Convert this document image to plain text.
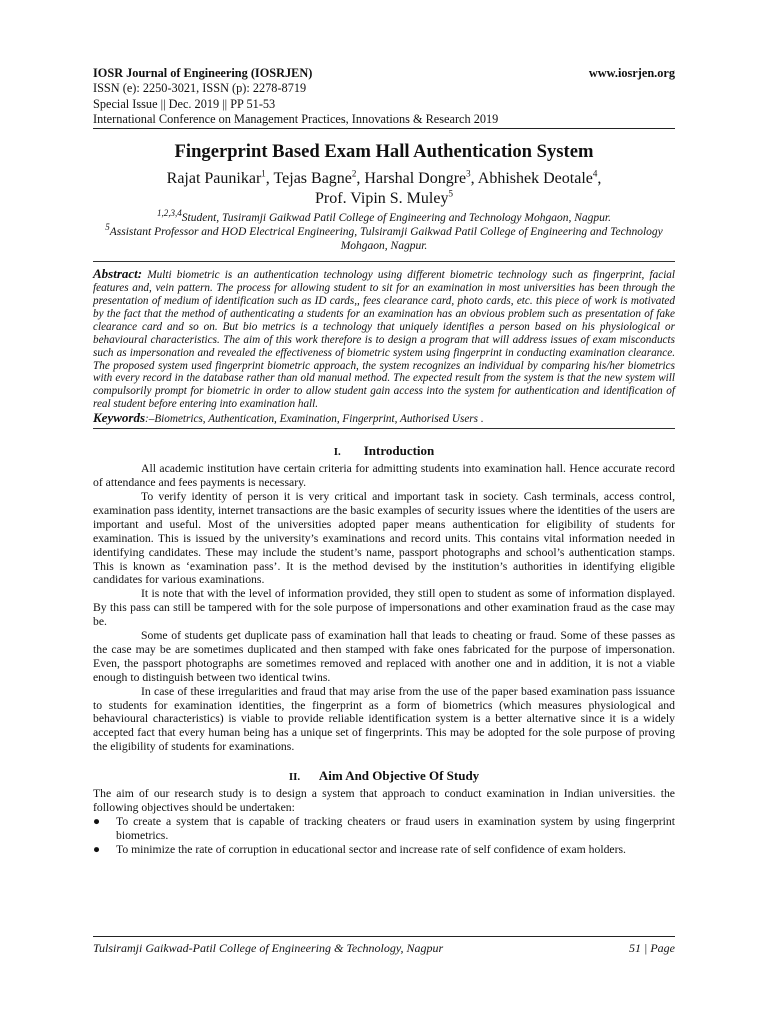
IOSR Journal of Engineering (IOSRJEN)	www.iosrjen.org
ISSN (e): 2250-3021, ISSN (p): 2278-8719
Special Issue || Dec. 2019 || PP 51-53
International Conference on Management Practices, Innovations & Research 2019
Fingerprint Based Exam Hall Authentication System
Rajat Paunikar$^1$, Tejas Bagne$^2$, Harshal Dongre$^3$, Abhishek Deotale$^4$,
Prof. Vipin S. Muley$^5$
$^{1,2,3,4}$Student, Tusiramji Gaikwad Patil College of Engineering and Technology Mohgaon, Nagpur.
$^5$Assistant Professor and HOD Electrical Engineering, Tulsiramji Gaikwad Patil College of Engineering and Technology Mohgaon, Nagpur.

Abstract: Multi biometric is an authentication technology using different biometric technology such as fingerprint, facial features and, vein pattern. The process for allowing student to sit for an examination in most universities has been through the presentation of medium of identification such as ID cards,, fees clearance card, photo cards, etc. this piece of work is motivated by the fact that the method of authenticating a students for an examination has an obvious problem such as presentation of fake clearance card and so on. But bio metrics is a technology that uniquely identifies a person based on his physiological or behavioural characteristics. The aim of this work therefore is to design a program that will address issues of exam misconducts such as impersonation and revealed the effectiveness of biometric system using fingerprint in conducting examination clearance. The proposed system used fingerprint biometric approach, the system recognizes an individual by comparing his/her biometrics with every record in the database rather than old manual method. The expected result from the system is that the new system will compulsorily prompt for biometric in order to allow student gain access into the system for authentication and identification of real student before entering into examination hall.

Keywords:–Biometrics, Authentication, Examination, Fingerprint, Authorised Users .

I. Introduction

All academic institution have certain criteria for admitting students into examination hall. Hence accurate record of attendance and fees payments is necessary.

To verify identity of person it is very critical and important task in society. Cash terminals, access control, examination pass identity, internet transactions are the basic examples of security issues where the identities of the users are important and useful. Most of the universities adopted paper means authentication for eligibility of students for examination. This is issued by the university’s examinations and record units. This contains vital information needed in identifying candidates. These may include the student’s name, passport photographs and school’s authentication stamps. This is known as ‘examination pass’. It is the method devised by the institution’s authorities in identifying eligible candidates for various examinations.

It is note that with the level of information provided, they still open to student as some of information displayed. By this pass can still be tampered with for the sole purpose of impersonations and other examination fraud as the case may be.

Some of students get duplicate pass of examination hall that leads to cheating or fraud. Some of these passes as the case may be are sometimes duplicated and then stamped with fake ones fabricated for the purpose of impersonation. Even, the passport photographs are sometimes removed and replaced with another one and in addition, it is not a viable enough to distinguish between two identical twins.

In case of these irregularities and fraud that may arise from the use of the paper based examination pass issuance to students for examination identities, the fingerprint as a form of biometrics (which measures physiological and behavioural characteristics) is viable to provide reliable identification system is a better alternative since it is a widely accepted fact that every human being has a unique set of fingerprints. This may be adopted for the sole purpose of proving the eligibility of students for examinations.

II. Aim And Objective Of Study

The aim of our research study is to design a system that approach to conduct examination in Indian universities. the following objectives should be undertaken:

● To create a system that is capable of tracking cheaters or fraud users in examination system by using fingerprint biometrics.
● To minimize the rate of corruption in educational sector and increase rate of self confidence of exam holders.
Tulsiramji Gaikwad-Patil College of Engineering & Technology, Nagpur	51 | Page
